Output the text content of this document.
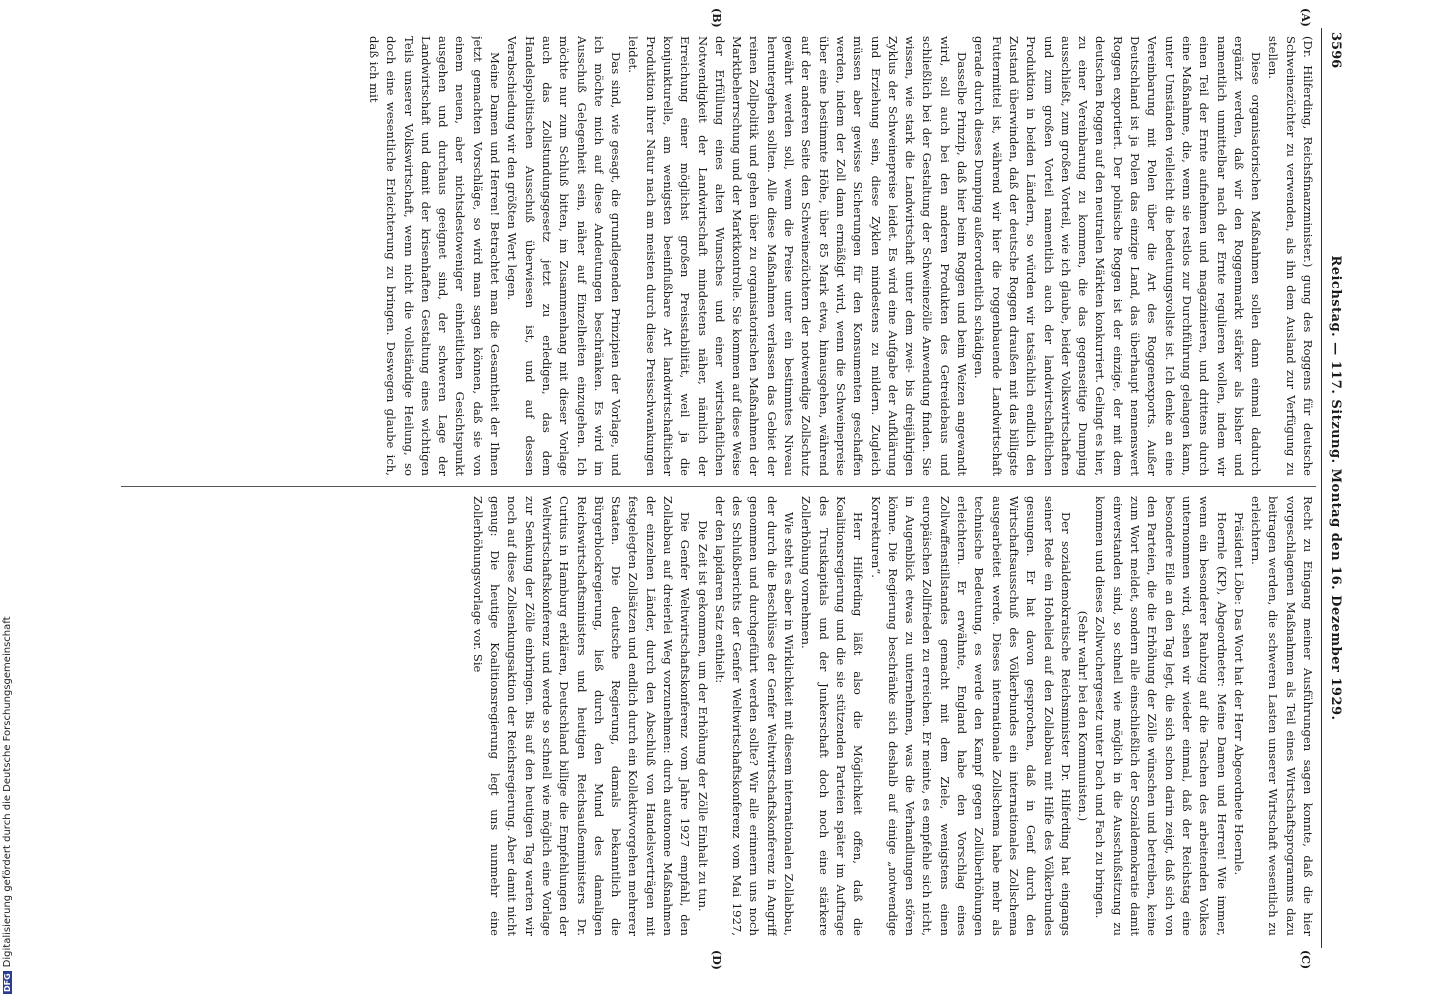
3596
Reichstag. — 117. Sitzung. Montag den 16. Dezember 1929.
(A)
(B)
(C)
(D)

(Dr. Hilferding, Reichsfinanzminister.) gung des Roggens für deutsche Schweinezüchter zu verwenden, als ihn dem Ausland zur Verfügung zu stellen.

Diese organisatorischen Maßnahmen sollen dann einmal dadurch ergänzt werden, daß wir den Roggenmarkt stärker als bisher und namentlich unmittelbar nach der Ernte regulieren wollen, indem wir einen Teil der Ernte aufnehmen und magazinieren, und drittens durch eine Maßnahme, die, wenn sie restlos zur Durchführung gelangen kann, unter Umständen vielleicht die bedeutungsvollste ist. Ich denke an eine Vereinbarung mit Polen über die Art des Roggenexports. Außer Deutschland ist ja Polen das einzige Land, das überhaupt nennenswert Roggen exportiert. Der polnische Roggen ist der einzige, der mit dem deutschen Roggen auf den neutralen Märkten konkurriert. Gelingt es hier, zu einer Vereinbarung zu kommen, die das gegenseitige Dumping ausschließt, zum großen Vorteil, wie ich glaube, beider Volkswirtschaften und zum großen Vorteil namentlich auch der landwirtschaftlichen Produktion in beiden Ländern, so würden wir tatsächlich endlich den Zustand überwinden, daß der deutsche Roggen draußen mit das billigste Futtermittel ist, während wir hier die roggenbauende Landwirtschaft gerade durch dieses Dumping außerordentlich schädigen.

Dasselbe Prinzip, daß hier beim Roggen und beim Weizen angewandt wird, soll auch bei den anderen Produkten des Getreidebaus und schließlich bei der Gestaltung der Schweinezölle Anwendung finden. Sie wissen, wie stark die Landwirtschaft unter dem zwei- bis dreijährigen Zyklus der Schweinepreise leidet. Es wird eine Aufgabe der Aufklärung und Erziehung sein, diese Zyklen mindestens zu mildern. Zugleich müssen aber gewisse Sicherungen für den Konsumenten geschaffen werden, indem der Zoll dann ermäßigt wird, wenn die Schweinepreise über eine bestimmte Höhe, über 85 Mark etwa, hinausgehen, während auf der anderen Seite den Schweinezüchtern der notwendige Zollschutz gewährt werden soll, wenn die Preise unter ein bestimmtes Niveau heruntergehen sollten. Alle diese Maßnahmen verlassen das Gebiet der reinen Zollpolitik und gehen über zu organisatorischen Maßnahmen der Marktbeherrschung und der Marktkontrolle. Sie kommen auf diese Weise der Erfüllung eines alten Wunsches und einer wirtschaftlichen Notwendigkeit der Landwirtschaft mindestens näher, nämlich der Erreichung einer möglichst großen Preisstabilität, weil ja die konjunkturelle, am wenigsten beeinflußbare Art landwirtschaftlicher Produktion ihrer Natur nach am meisten durch diese Preisschwankungen leidet.

Das sind, wie gesagt, die grundlegenden Prinzipien der Vorlage, und ich möchte mich auf diese Andeutungen beschränken. Es wird im Ausschuß Gelegenheit sein, näher auf Einzelheiten einzugehen. Ich möchte nur zum Schluß bitten, im Zusammenhang mit dieser Vorlage auch das Zollstundungsgesetz jetzt zu erledigen, das dem Handelspolitischen Ausschuß überwiesen ist, und auf dessen Verabschiedung wir den größten Wert legen.

Meine Damen und Herren! Betrachtet man die Gesamtheit der Ihnen jetzt gemachten Vorschläge, so wird man sagen können, daß sie von einem neuen, aber nichtsdestoweniger einheitlichen Gesichtspunkt ausgehen und durchaus geeignet sind, der schweren Lage der Landwirtschaft und damit der krisenhaften Gestaltung eines wichtigen Teils unserer Volkswirtschaft, wenn nicht die vollständige Heilung, so doch eine wesentliche Erleichterung zu bringen. Deswegen glaube ich, daß ich mit

Recht zu Eingang meiner Ausführungen sagen konnte, daß die hier vorgeschlagenen Maßnahmen als Teil eines Wirtschaftsprogramms dazu beitragen werden, die schweren Lasten unserer Wirtschaft wesentlich zu erleichtern.

Präsident Löbe: Das Wort hat der Herr Abgeordnete Hoernle.

Hoernle (KP), Abgeordneter: Meine Damen und Herren! Wie immer, wenn ein besonderer Raubzug auf die Taschen des arbeitenden Volkes unternommen wird, sehen wir wieder einmal, daß der Reichstag eine besondere Eile an den Tag legt, die sich schon darin zeigt, daß sich von den Parteien, die die Erhöhung der Zölle wünschen und betreiben, keine zum Wort meldet, sondern alle einschließlich der Sozialdemokratie damit einverstanden sind, so schnell wie möglich in die Ausschußsitzung zu kommen und dieses Zollwuchergesetz unter Dach und Fach zu bringen.

(Sehr wahr! bei den Kommunisten.)

Der sozialdemokratische Reichsminister Dr. Hilferding hat eingangs seiner Rede ein Hohelied auf den Zollabbau mit Hilfe des Völkerbundes gesungen. Er hat davon gesprochen, daß in Genf durch den Wirtschaftsausschuß des Völkerbundes ein internationales Zollschema ausgearbeitet werde. Dieses internationale Zollschema habe mehr als technische Bedeutung, es werde den Kampf gegen Zollüberhöhungen erleichtern. Er erwähnte, England habe den Vorschlag eines Zollwaffenstillstandes gemacht mit dem Ziele, wenigstens einen europäischen Zollfrieden zu erreichen. Er meinte, es empfehle sich nicht, in Augenblick etwas zu unternehmen, was die Verhandlungen stören könne. Die Regierung beschränke sich deshalb auf einige „notwendige Korrekturen“.

Herr Hilferding läßt also die Möglichkeit offen, daß die Koalitionsregierung und die sie stützenden Parteien später im Auftrage des Trustkapitals und der Junkerschaft doch noch eine stärkere Zollerhöhung vornehmen.

Wie steht es aber in Wirklichkeit mit diesem internationalen Zollabbau, der durch die Beschlüsse der Genfer Weltwirtschaftskonferenz in Angriff genommen und durchgeführt werden sollte? Wir alle erinnern uns noch des Schlußberichts der Genfer Weltwirtschaftskonferenz vom Mai 1927, der den lapidaren Satz enthielt:

Die Zeit ist gekommen, um der Erhöhung der Zölle Einhalt zu tun.

Die Genfer Weltwirtschaftskonferenz vom Jahre 1927 empfahl, den Zollabbau auf dreierlei Weg vorzunehmen: durch autonome Maßnahmen der einzelnen Länder, durch den Abschluß von Handelsverträgen mit festgelegten Zollsätzen und endlich durch ein Kollektivvorgehen mehrerer Staaten. Die deutsche Regierung, damals bekanntlich die Bürgerblockregierung, ließ durch den Mund des damaligen Reichswirtschaftsministers und heutigen Reichsaußenministers Dr. Curtius in Hamburg erklären, Deutschland billige die Empfehlungen der Weltwirtschaftskonferenz und werde so schnell wie möglich eine Vorlage zur Senkung der Zölle einbringen. Bis auf den heutigen Tag warten wir noch auf diese Zollsenkungsaktion der Reichsregierung. Aber damit nicht genug: Die heutige Koalitionsregierung legt uns nunmehr eine Zollerhöhungsvorlage vor. Sie

DFGDigitalisierung gefördert durch die Deutsche Forschungsgemeinschaft
